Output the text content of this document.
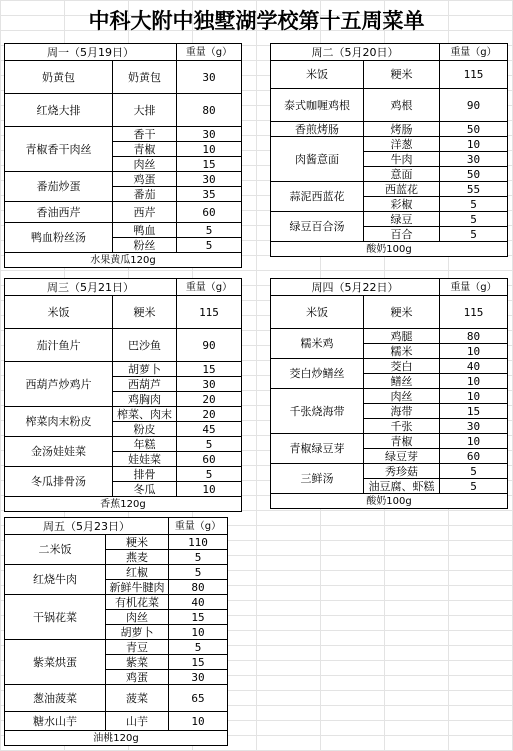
中科大附中独墅湖学校第十五周菜单
周一（5月19日）		重量（g）
奶黄包	奶黄包	30
红烧大排	大排	80
青椒香干肉丝	香干	30
	青椒	10
	肉丝	15
番茄炒蛋	鸡蛋	30
	番茄	35
香油西芹	西芹	60
鸭血粉丝汤	鸭血	5
	粉丝	5
水果黄瓜120g		
周二（5月20日）		重量（g）
米饭	粳米	115
泰式咖喱鸡根	鸡根	90
香煎烤肠	烤肠	50
肉酱意面	洋葱	10
	牛肉	30
	意面	50
蒜泥西蓝花	西蓝花	55
	彩椒	5
绿豆百合汤	绿豆	5
	百合	5
酸奶100g		
周三（5月21日）		重量（g）
米饭	粳米	115
茄汁鱼片	巴沙鱼	90
西葫芦炒鸡片	胡萝卜	15
	西葫芦	30
	鸡胸肉	20
榨菜肉末粉皮	榨菜、肉末	20
	粉皮	45
金汤娃娃菜	年糕	5
	娃娃菜	60
冬瓜排骨汤	排骨	5
	冬瓜	10
香蕉120g		
周四（5月22日）		重量（g）
米饭	粳米	115
糯米鸡	鸡腿	80
	糯米	10
茭白炒鳝丝	茭白	40
	鳝丝	10
千张烧海带	肉丝	10
	海带	15
	千张	30
青椒绿豆芽	青椒	10
	绿豆芽	60
三鲜汤	秀珍菇	5
	油豆腐、虾糕	5
酸奶100g		
周五（5月23日）		重量（g）
二米饭	粳米	110
	燕麦	5
红烧牛肉	红椒	5
	新鲜牛腱肉	80
干锅花菜	有机花菜	40
	肉丝	15
	胡萝卜	10
紫菜烘蛋	青豆	5
	紫菜	15
	鸡蛋	30
葱油菠菜	菠菜	65
糖水山芋	山芋	10
油桃120g		
